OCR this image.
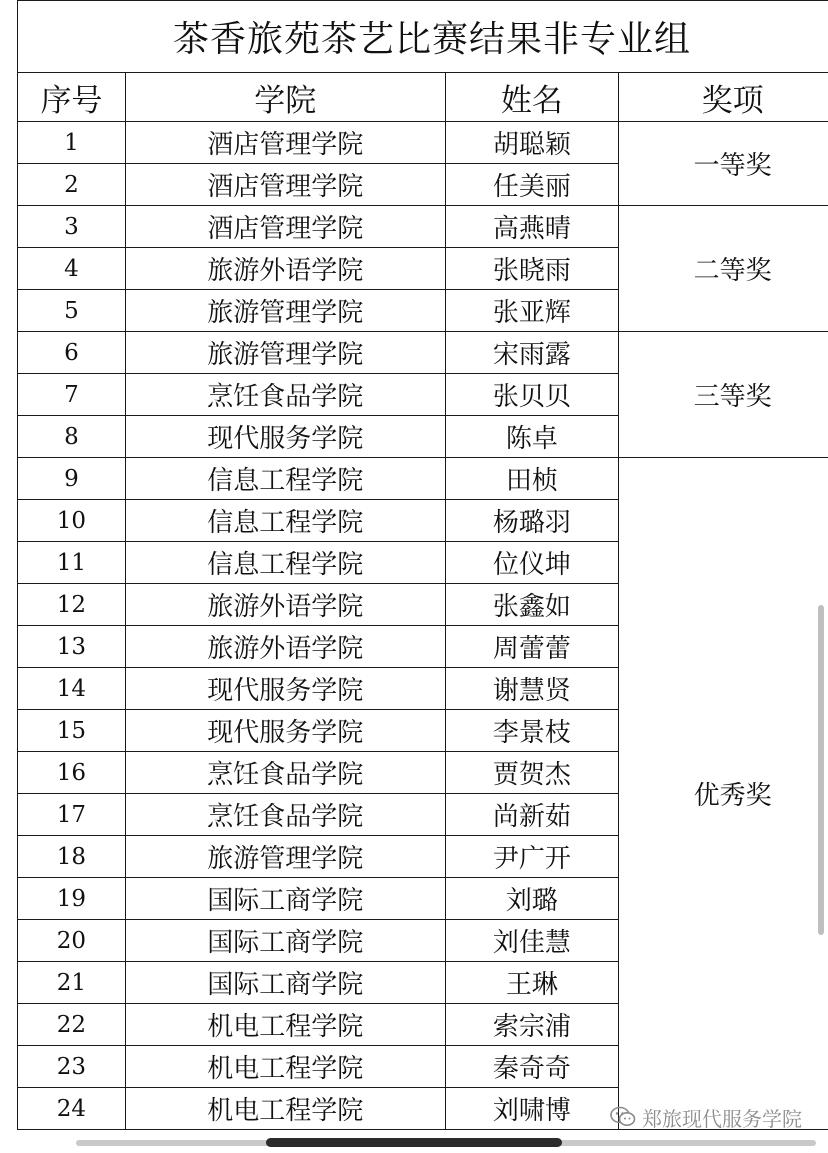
茶香旅苑茶艺比赛结果非专业组			
序号	学院	姓名	奖项
1	酒店管理学院	胡聪颖	一等奖
2	酒店管理学院	任美丽	
3	酒店管理学院	高燕晴	二等奖
4	旅游外语学院	张晓雨	
5	旅游管理学院	张亚辉	
6	旅游管理学院	宋雨露	三等奖
7	烹饪食品学院	张贝贝	
8	现代服务学院	陈卓	
9	信息工程学院	田桢	优秀奖
10	信息工程学院	杨璐羽	
11	信息工程学院	位仪坤	
12	旅游外语学院	张鑫如	
13	旅游外语学院	周蕾蕾	
14	现代服务学院	谢慧贤	
15	现代服务学院	李景枝	
16	烹饪食品学院	贾贺杰	
17	烹饪食品学院	尚新茹	
18	旅游管理学院	尹广开	
19	国际工商学院	刘璐	
20	国际工商学院	刘佳慧	
21	国际工商学院	王琳	
22	机电工程学院	索宗浦	
23	机电工程学院	秦奇奇	
24	机电工程学院	刘啸博		郑旅现代服务学院
